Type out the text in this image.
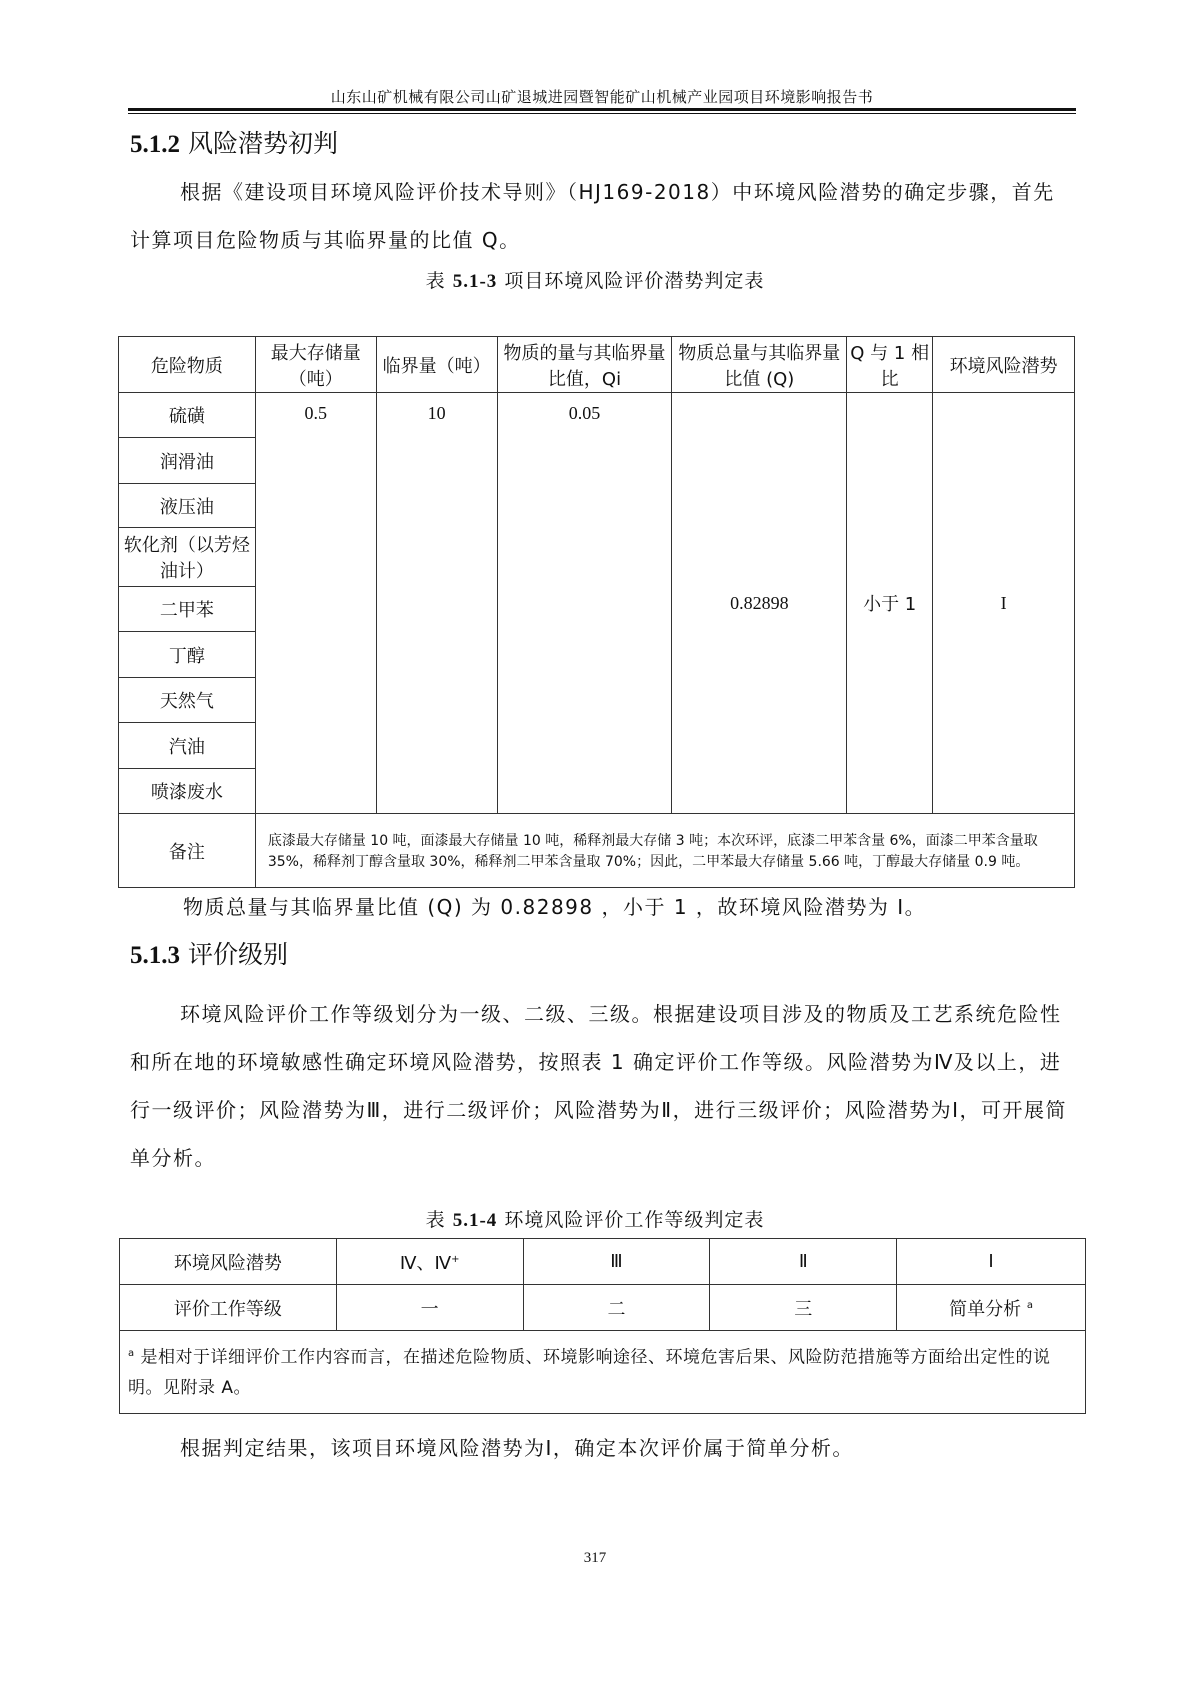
山东山矿机械有限公司山矿退城进园暨智能矿山机械产业园项目环境影响报告书
5.1.2 风险潜势初判
根据《建设项目环境风险评价技术导则》（HJ169-2018）中环境风险潜势的确定步骤，首先计算项目危险物质与其临界量的比值 Q。
表 5.1-3 项目环境风险评价潜势判定表
危险物质	最大存储量（吨）	临界量（吨）	物质的量与其临界量比值，Qi	物质总量与其临界量比值 (Q)	Q 与 1 相比	环境风险潜势
硫磺	0.5	10	0.05	0.82898	小于 1	I
润滑油						
液压油						
软化剂（以芳烃油计）						
二甲苯						
丁醇						
天然气						
汽油						
喷漆废水						
备注	底漆最大存储量 10 吨，面漆最大存储量 10 吨，稀释剂最大存储 3 吨；本次环评，底漆二甲苯含量 6%，面漆二甲苯含量取 35%，稀释剂丁醇含量取 30%，稀释剂二甲苯含量取 70%；因此，二甲苯最大存储量 5.66 吨，丁醇最大存储量 0.9 吨。					
物质总量与其临界量比值 (Q) 为 0.82898 ，小于 1 ，故环境风险潜势为 I。
5.1.3 评价级别
环境风险评价工作等级划分为一级、二级、三级。根据建设项目涉及的物质及工艺系统危险性和所在地的环境敏感性确定环境风险潜势，按照表 1 确定评价工作等级。风险潜势为Ⅳ及以上，进行一级评价；风险潜势为Ⅲ，进行二级评价；风险潜势为Ⅱ，进行三级评价；风险潜势为Ⅰ，可开展简单分析。
表 5.1-4 环境风险评价工作等级判定表
环境风险潜势	Ⅳ、Ⅳ+	Ⅲ	Ⅱ	Ⅰ
评价工作等级	一	二	三	简单分析 $^a$
$^a$ 是相对于详细评价工作内容而言，在描述危险物质、环境影响途径、环境危害后果、风险防范措施等方面给出定性的说明。见附录 A。				
根据判定结果，该项目环境风险潜势为Ⅰ，确定本次评价属于简单分析。
317
